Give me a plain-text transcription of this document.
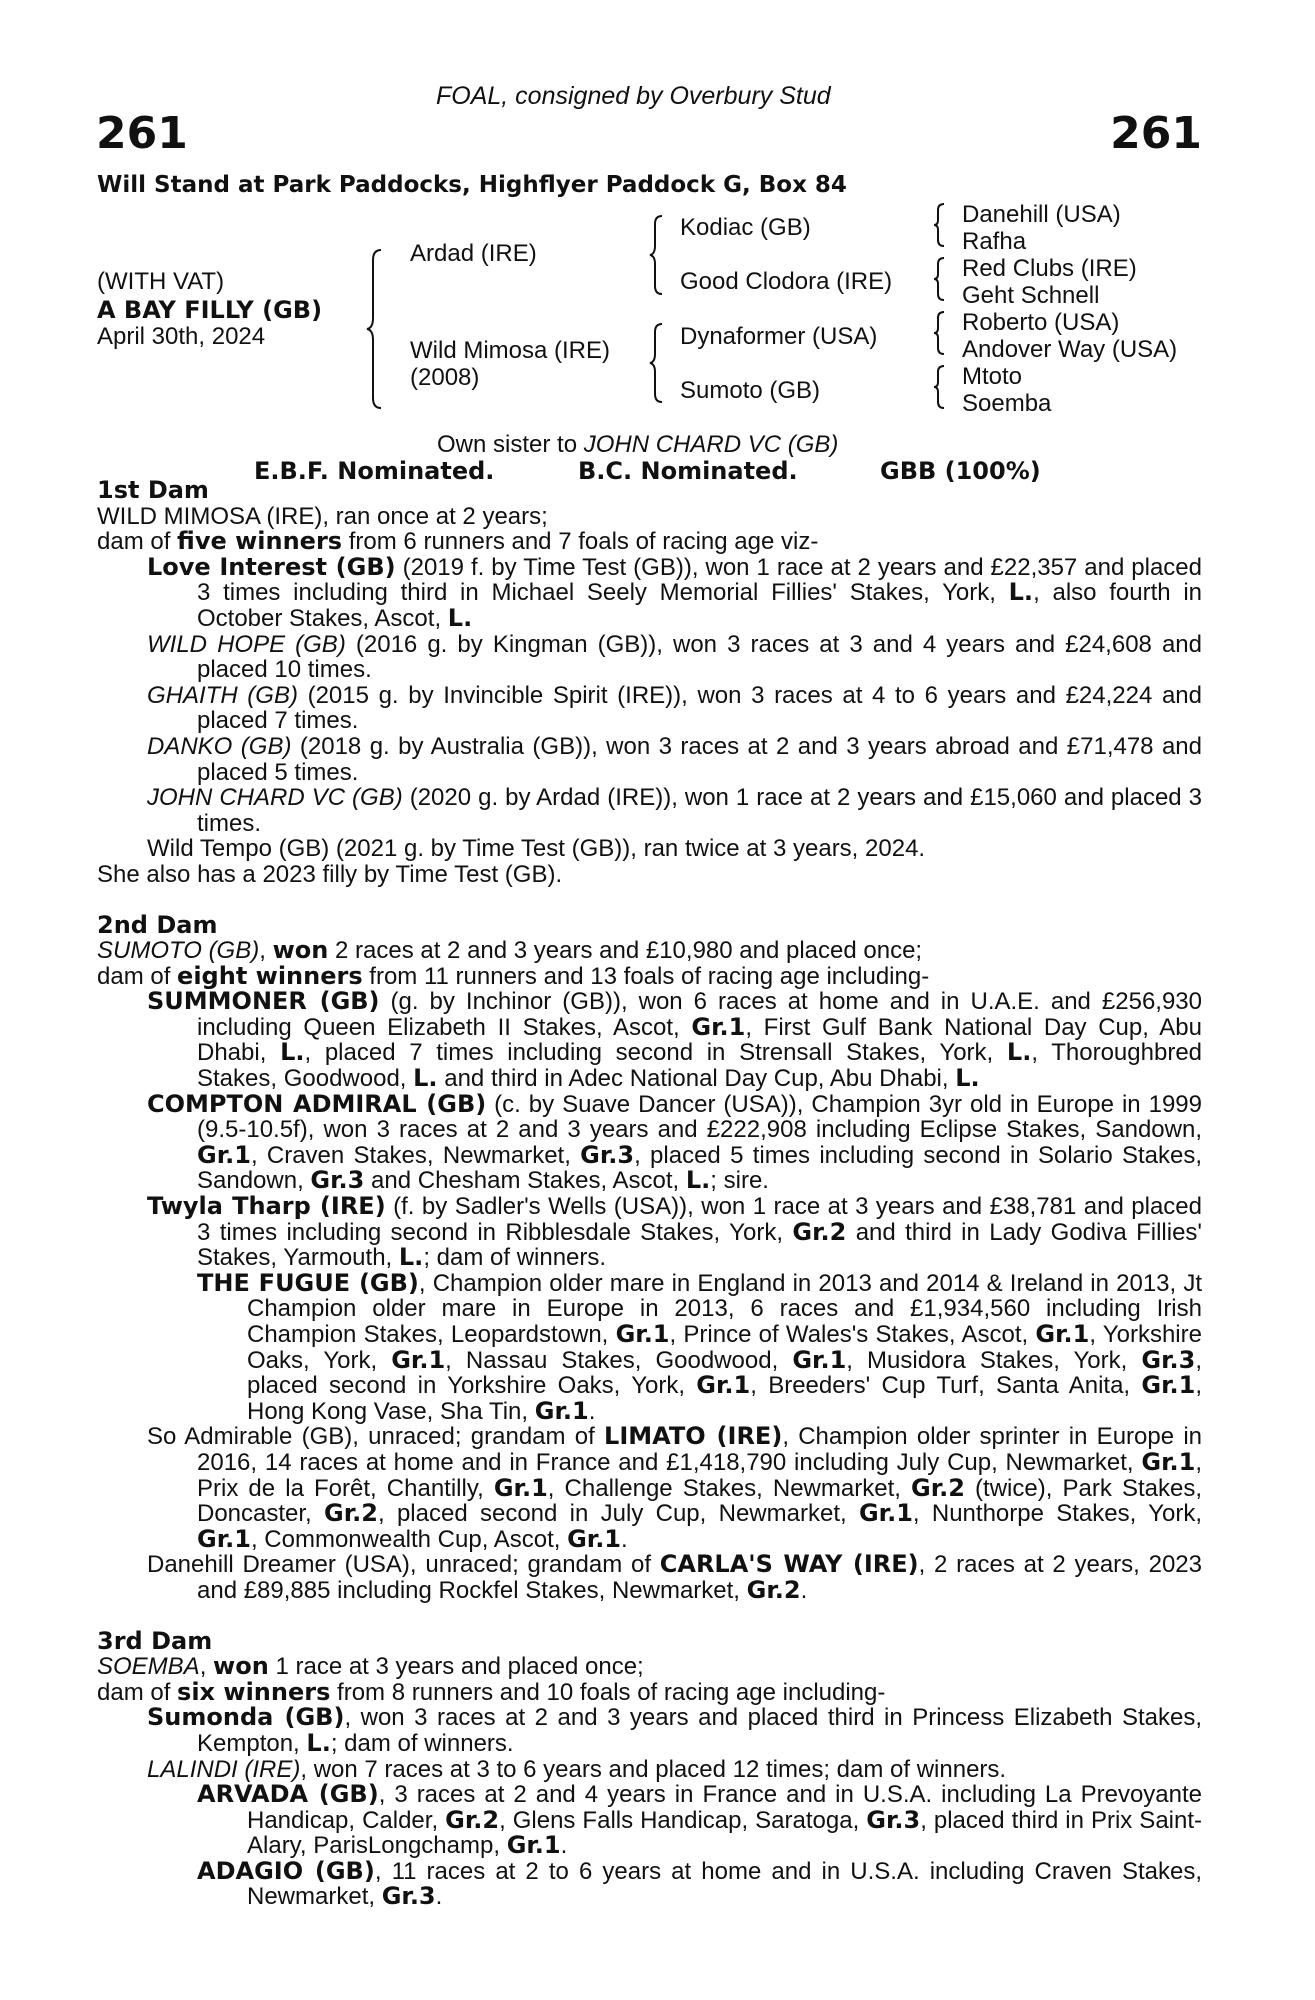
261	261
FOAL, consigned by Overbury Stud
Will Stand at Park Paddocks, Highflyer Paddock G, Box 84
(WITH VAT)
A BAY FILLY (GB)
April 30th, 2024
Ardad (IRE)
Wild Mimosa (IRE)
(2008)
Kodiac (GB)
Good Clodora (IRE)
Dynaformer (USA)
Sumoto (GB)
Danehill (USA)
Rafha
Red Clubs (IRE)
Geht Schnell
Roberto (USA)
Andover Way (USA)
Mtoto
Soemba
Own sister to JOHN CHARD VC (GB)
E.B.F. Nominated.	B.C. Nominated.	GBB (100%)

1st Dam

WILD MIMOSA (IRE), ran once at 2 years;

dam of five winners from 6 runners and 7 foals of racing age viz-

Love Interest (GB) (2019 f. by Time Test (GB)), won 1 race at 2 years and £22,357 and placed 3 times including third in Michael Seely Memorial Fillies' Stakes, York, L., also fourth in October Stakes, Ascot, L.

WILD HOPE (GB) (2016 g. by Kingman (GB)), won 3 races at 3 and 4 years and £24,608 and placed 10 times.

GHAITH (GB) (2015 g. by Invincible Spirit (IRE)), won 3 races at 4 to 6 years and £24,224 and placed 7 times.

DANKO (GB) (2018 g. by Australia (GB)), won 3 races at 2 and 3 years abroad and £71,478 and placed 5 times.

JOHN CHARD VC (GB) (2020 g. by Ardad (IRE)), won 1 race at 2 years and £15,060 and placed 3 times.

Wild Tempo (GB) (2021 g. by Time Test (GB)), ran twice at 3 years, 2024.

She also has a 2023 filly by Time Test (GB).

2nd Dam

SUMOTO (GB), won 2 races at 2 and 3 years and £10,980 and placed once;

dam of eight winners from 11 runners and 13 foals of racing age including-

SUMMONER (GB) (g. by Inchinor (GB)), won 6 races at home and in U.A.E. and £256,930 including Queen Elizabeth II Stakes, Ascot, Gr.1, First Gulf Bank National Day Cup, Abu Dhabi, L., placed 7 times including second in Strensall Stakes, York, L., Thoroughbred Stakes, Goodwood, L. and third in Adec National Day Cup, Abu Dhabi, L.

COMPTON ADMIRAL (GB) (c. by Suave Dancer (USA)), Champion 3yr old in Europe in 1999 (9.5-10.5f), won 3 races at 2 and 3 years and £222,908 including Eclipse Stakes, Sandown, Gr.1, Craven Stakes, Newmarket, Gr.3, placed 5 times including second in Solario Stakes, Sandown, Gr.3 and Chesham Stakes, Ascot, L.; sire.

Twyla Tharp (IRE) (f. by Sadler's Wells (USA)), won 1 race at 3 years and £38,781 and placed 3 times including second in Ribblesdale Stakes, York, Gr.2 and third in Lady Godiva Fillies' Stakes, Yarmouth, L.; dam of winners.

THE FUGUE (GB), Champion older mare in England in 2013 and 2014 & Ireland in 2013, Jt Champion older mare in Europe in 2013, 6 races and £1,934,560 including Irish Champion Stakes, Leopardstown, Gr.1, Prince of Wales's Stakes, Ascot, Gr.1, Yorkshire Oaks, York, Gr.1, Nassau Stakes, Goodwood, Gr.1, Musidora Stakes, York, Gr.3, placed second in Yorkshire Oaks, York, Gr.1, Breeders' Cup Turf, Santa Anita, Gr.1, Hong Kong Vase, Sha Tin, Gr.1.

So Admirable (GB), unraced; grandam of LIMATO (IRE), Champion older sprinter in Europe in 2016, 14 races at home and in France and £1,418,790 including July Cup, Newmarket, Gr.1, Prix de la Forêt, Chantilly, Gr.1, Challenge Stakes, Newmarket, Gr.2 (twice), Park Stakes, Doncaster, Gr.2, placed second in July Cup, Newmarket, Gr.1, Nunthorpe Stakes, York, Gr.1, Commonwealth Cup, Ascot, Gr.1.

Danehill Dreamer (USA), unraced; grandam of CARLA'S WAY (IRE), 2 races at 2 years, 2023 and £89,885 including Rockfel Stakes, Newmarket, Gr.2.

3rd Dam

SOEMBA, won 1 race at 3 years and placed once;

dam of six winners from 8 runners and 10 foals of racing age including-

Sumonda (GB), won 3 races at 2 and 3 years and placed third in Princess Elizabeth Stakes, Kempton, L.; dam of winners.

LALINDI (IRE), won 7 races at 3 to 6 years and placed 12 times; dam of winners.

ARVADA (GB), 3 races at 2 and 4 years in France and in U.S.A. including La Prevoyante Handicap, Calder, Gr.2, Glens Falls Handicap, Saratoga, Gr.3, placed third in Prix Saint-Alary, ParisLongchamp, Gr.1.

ADAGIO (GB), 11 races at 2 to 6 years at home and in U.S.A. including Craven Stakes, Newmarket, Gr.3.
